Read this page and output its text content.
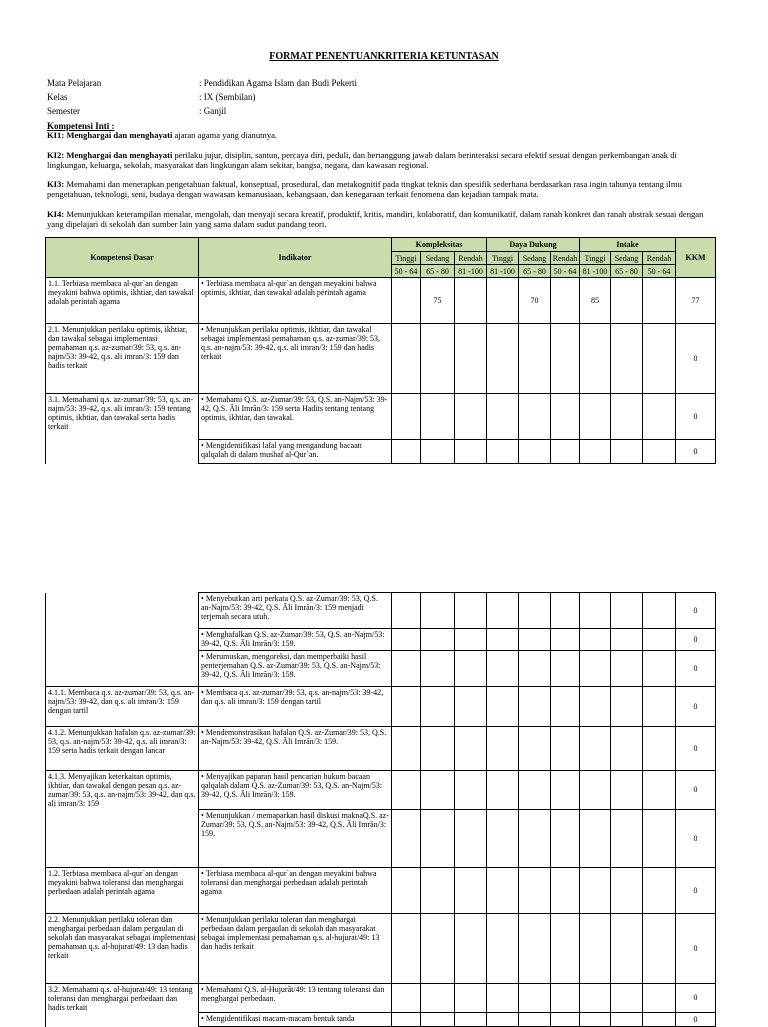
FORMAT PENENTUANKRITERIA KETUNTASAN
Mata Pelajaran	: Pendidikan Agama Islam dan Budi Pekerti
Kelas	: IX (Sembilan)
Semester	: Ganjil
Kompetensi Inti :
KI1: Menghargai dan menghayati ajaran agama yang dianutnya.
KI2: Menghargai dan menghayati perilaku jujur, disiplin, santun, percaya diri, peduli, dan bertanggung jawab dalam berinteraksi secara efektif sesuai dengan perkembangan anak di lingkungan, keluarga, sekolah, masyarakat dan lingkungan alam sekitar, bangsa, negara, dan kawasan regional.
KI3: Memahami dan menerapkan pengetahuan faktual, konseptual, prosedural, dan metakognitif pada tingkat teknis dan spesifik sederhana berdasarkan rasa ingin tahunya tentang ilmu pengetahuan, teknologi, seni, budaya dengan wawasan kemanusiaan, kebangsaan, dan kenegaraan terkait fenomena dan kejadian tampak mata.
KI4: Menunjukkan keterampilan menalar, mengolah, dan menyaji secara kreatif, produktif, kritis, mandiri, kolaboratif, dan komunikatif, dalam ranah konkret dan ranah abstrak sesuai dengan yang dipelajari di sekolah dan sumber lain yang sama dalam sudut pandang teori.
Kompetensi Dasar	Indikator	Kompleksitas			Daya Dukung			Intake			KKM
		Tinggi	Sedang	Rendah	Tinggi	Sedang	Rendah	Tinggi	Sedang	Rendah	
		50 - 64	65 - 80	81 -100	81 -100	65 - 80	50 - 64	81 -100	65 - 80	50 - 64	
1.1. Terbiasa membaca al-qur`an dengan meyakini bahwa optimis, ikhtiar, dan tawakal adalah perintah agama	• Terbiasa membaca al-qur`an dengan meyakini bahwa optimis, ikhtiar, dan tawakal adalah perintah agama		75			70		85			77
2.1. Menunjukkan perilaku optimis, ikhtiar, dan tawakal sebagai implementasi pemahaman q.s. az-zumar/39: 53, q.s. an-najm/53: 39-42, q.s. ali imran/3: 159 dan hadis terkait	• Menunjukkan perilaku optimis, ikhtiar, dan tawakal sebagai implementasi pemahaman q.s. az-zumar/39: 53, q.s. an-najm/53: 39-42, q.s. ali imran/3: 159 dan hadis terkait										0
3.1. Memahami q.s. az-zumar/39: 53, q.s. an-najm/53: 39-42, q.s. ali imran/3: 159 tentang optimis, ikhtiar, dan tawakal serta hadis terkait	• Memahami Q.S. az-Zumar/39: 53, Q.S. an-Najm/53: 39-42, Q.S. Āli Imrān/3: 159 serta Hadits tentang tentang optimis, ikhtiar, dan tawakal.										0
	• Mengidentifikasi lafal yang mengandung bacaan qalqalah di dalam mushaf al-Qur`an.										0
	• Menyebutkan arti perkata Q.S. az-Zumar/39: 53, Q.S. an-Najm/53: 39-42, Q.S. Āli Imrān/3: 159 menjadi terjemah secara utuh.										0
	• Menghafalkan Q.S. az-Zumar/39: 53, Q.S. an-Najm/53: 39-42, Q.S. Āli Imrān/3: 159.										0
	• Merumuskan, mengoreksi, dan memperbaiki hasil penterjemahan Q.S. az-Zumar/39: 53, Q.S. an-Najm/53: 39-42, Q.S. Āli Imrān/3: 159.										0
4.1.1. Membaca q.s. az-zumar/39: 53, q.s. an-najm/53: 39-42, dan q.s. ali imran/3: 159 dengan tartil	• Membaca q.s. az-zumar/39: 53, q.s. an-najm/53: 39-42, dan q.s. ali imran/3: 159 dengan tartil										0
4.1.2. Menunjukkan hafalan q.s. az-zumar/39: 53, q.s. an-najm/53: 39-42, q.s. ali imran/3: 159 serta hadis terkait dengan lancar	• Mendemonstrasikan hafalan Q.S. az-Zumar/39: 53, Q.S. an-Najm/53: 39-42, Q.S. Āli Imrān/3: 159.										0
4.1.3. Menyajikan keterkaitan optimis, ikhtiar, dan tawakal dengan pesan q.s. az-zumar/39: 53, q.s. an-najm/53: 39-42, dan q.s. ali imran/3: 159	• Menyajikan paparan hasil pencarian hukum bacaan qalqalah dalam Q.S. az-Zumar/39: 53, Q.S. an-Najm/53: 39-42, Q.S. Āli Imrān/3: 159.										0
	• Menunjukkan / memaparkan hasil diskusi maknaQ.S. az-Zumar/39: 53, Q.S. an-Najm/53: 39-42, Q.S. Āli Imrān/3: 159.										0
1.2. Terbiasa membaca al-qur`an dengan meyakini bahwa toleransi dan menghargai perbedaan adalah perintah agama	• Terbiasa membaca al-qur`an dengan meyakini bahwa toleransi dan menghargai perbedaan adalah perintah agama										0
2.2. Menunjukkan perilaku toleran dan menghargai perbedaan dalam pergaulan di sekolah dan masyarakat sebagai implementasi pemahaman q.s. al-hujurat/49: 13 dan hadis terkait	• Menunjukkan perilaku toleran dan menghargai perbedaan dalam pergaulan di sekolah dan masyarakat sebagai implementasi pemahaman q.s. al-hujurat/49: 13 dan hadis terkait										0
3.2. Memahami q.s. al-hujurat/49: 13 tentang toleransi dan menghargai perbedaan dan hadis terkait	• Memahami Q.S. al-Hujurāt/49: 13 tentang toleransi dan menghargai perbedaan.										0
	• Mengidentifikasi macam-macam bentuk tanda										0
